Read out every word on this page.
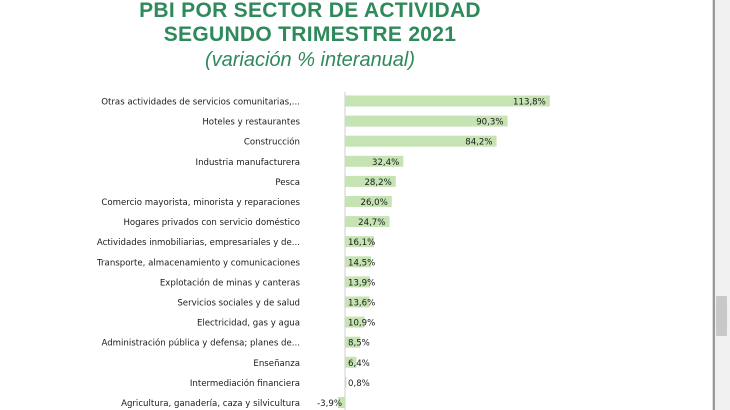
PBI POR SECTOR DE ACTIVIDAD
SEGUNDO TRIMESTRE 2021
(variación % interanual)
Otras actividades de servicios comunitarias,...	113,8%
Hoteles y restaurantes	90,3%
Construcción	84,2%
Industria manufacturera	32,4%
Pesca	28,2%
Comercio mayorista, minorista y reparaciones	26,0%
Hogares privados con servicio doméstico	24,7%
Actividades inmobiliarias, empresariales y de...	16,1%
Transporte, almacenamiento y comunicaciones	14,5%
Explotación de minas y canteras	13,9%
Servicios sociales y de salud	13,6%
Electricidad, gas y agua	10,9%
Administración pública y defensa; planes de...	8,5%
Enseñanza	6,4%
Intermediación financiera	0,8%
Agricultura, ganadería, caza y silvicultura -3,9%
